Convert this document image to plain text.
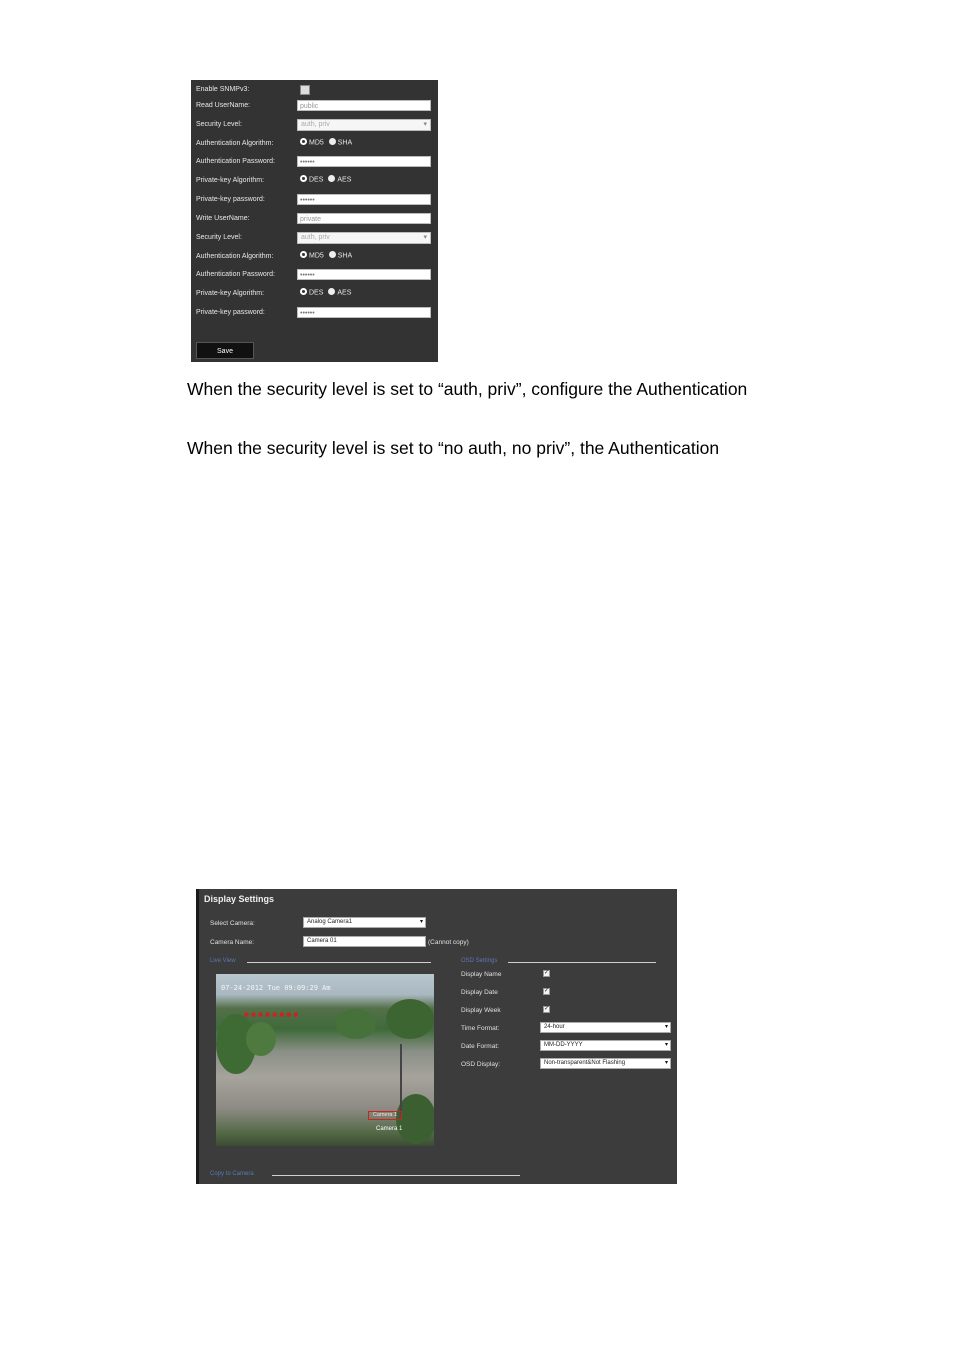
Enable SNMPv3:
Read UserName:	public
Security Level:	auth, priv	▾
Authentication Algorithm:	MD5 SHA
Authentication Password:	••••••
Private-key Algorithm:	DES AES
Private-key password:	••••••
Write UserName:	private
Security Level:	auth, priv	▾
Authentication Algorithm:	MD5 SHA
Authentication Password:	••••••
Private-key Algorithm:	DES AES
Private-key password:	••••••
Save
When the security level is set to “auth, priv”, configure the Authentication
When the security level is set to “no auth, no priv”, the Authentication
Display Settings
Select Camera:	Analog Camera1	▾
Camera Name:	Camera 01	(Cannot copy)
Live View
07-24-2012 Tue 09:09:29 Am
■ ■ ■ ■ ■ ■ ■ ■
Camera 1
Camera 1
OSD Settings
Display Name	✓
Display Date	✓
Display Week	✓
Time Format:	24-hour	▾
Date Format:	MM-DD-YYYY	▾
OSD Display:	Non-transparent&Not Flashing	▾
Copy to Camera
